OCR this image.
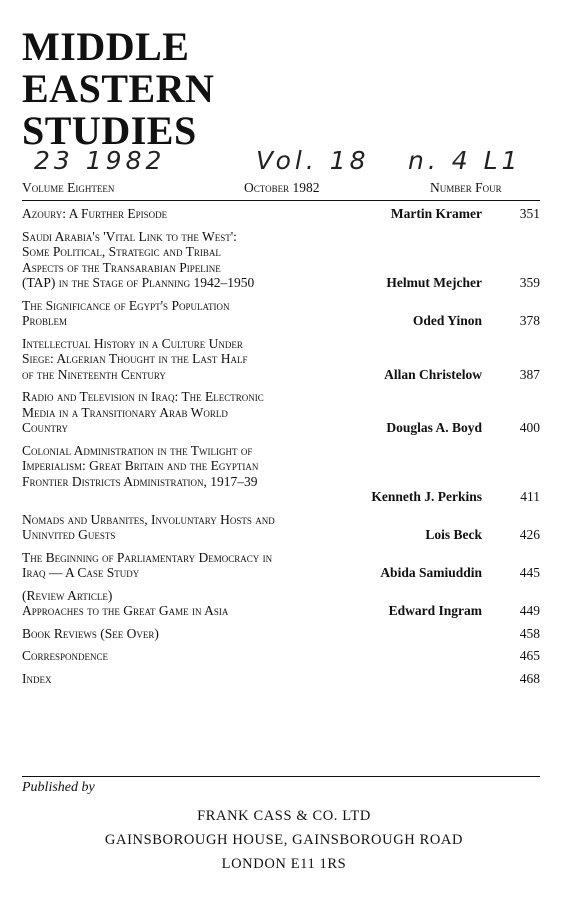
MIDDLE
EASTERN
STUDIES
23 1982	Vol. 18 n. 4 L1
Volume Eighteen	October 1982	Number Four
Azoury: A Further Episode	Martin Kramer	351
Saudi Arabia's 'Vital Link to the West':
Some Political, Strategic and Tribal
Aspects of the Transarabian Pipeline
(TAP) in the Stage of Planning 1942–1950	Helmut Mejcher	359
The Significance of Egypt's Population
Problem	Oded Yinon	378
Intellectual History in a Culture Under
Siege: Algerian Thought in the Last Half
of the Nineteenth Century	Allan Christelow	387
Radio and Television in Iraq: The Electronic
Media in a Transitionary Arab World
Country	Douglas A. Boyd	400
Colonial Administration in the Twilight of
Imperialism: Great Britain and the Egyptian
Frontier Districts Administration, 1917–39
Kenneth J. Perkins	411
Nomads and Urbanites, Involuntary Hosts and
Uninvited Guests	Lois Beck	426
The Beginning of Parliamentary Democracy in
Iraq — A Case Study	Abida Samiuddin	445
(Review Article)
Approaches to the Great Game in Asia	Edward Ingram	449
Book Reviews (See Over)	458
Correspondence	465
Index	468
Published by
FRANK CASS & CO. LTD
GAINSBOROUGH HOUSE, GAINSBOROUGH ROAD
LONDON E11 1RS
